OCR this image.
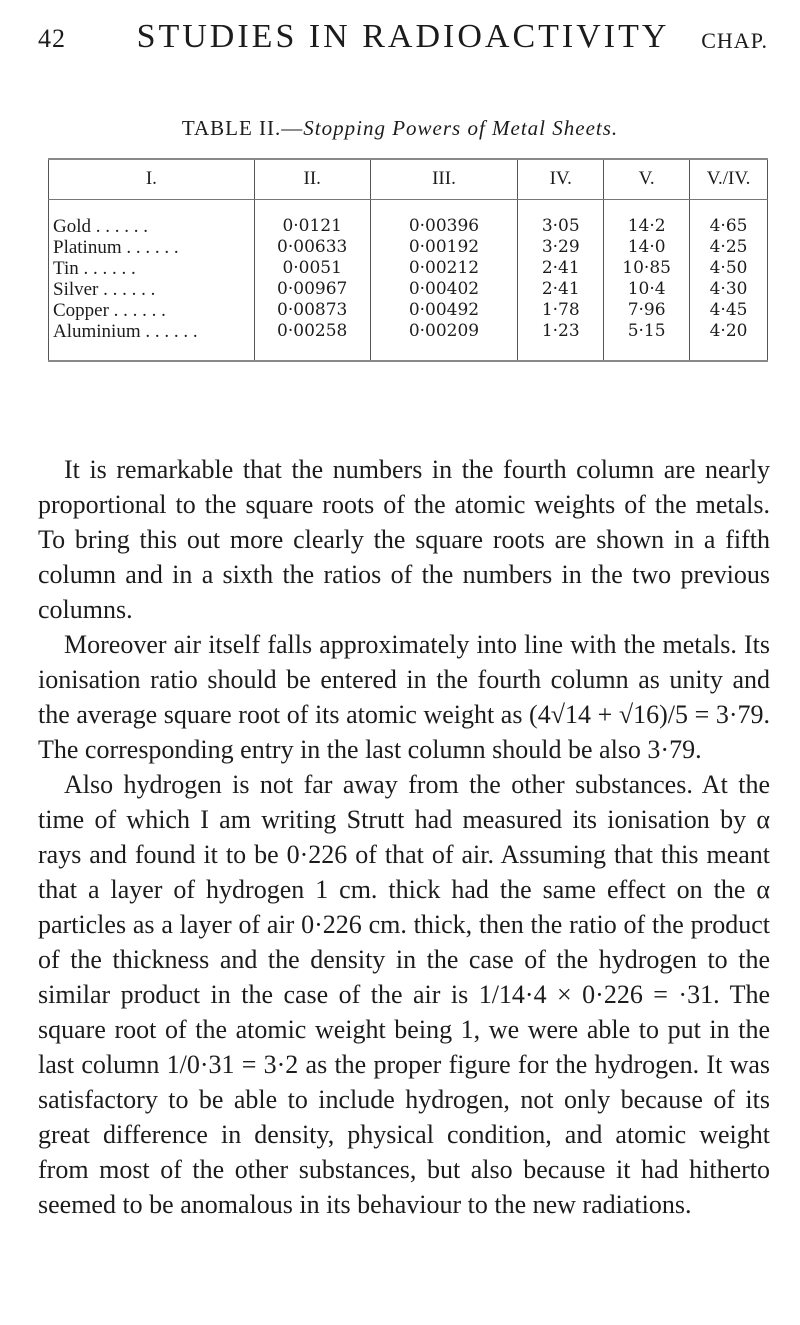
42	STUDIES IN RADIOACTIVITY	CHAP.
TABLE II.—Stopping Powers of Metal Sheets.
I.	II.	III.	IV.	V.	V./IV.
Gold . . . . . .	0·0121	0·00396	3·05	14·2	4·65
Platinum . . . . . .	0·00633	0·00192	3·29	14·0	4·25
Tin . . . . . .	0·0051	0·00212	2·41	10·85	4·50
Silver . . . . . .	0·00967	0·00402	2·41	10·4	4·30
Copper . . . . . .	0·00873	0·00492	1·78	7·96	4·45
Aluminium . . . . . .	0·00258	0·00209	1·23	5·15	4·20

It is remarkable that the numbers in the fourth column are nearly proportional to the square roots of the atomic weights of the metals. To bring this out more clearly the square roots are shown in a fifth column and in a sixth the ratios of the numbers in the two previous columns.

Moreover air itself falls approximately into line with the metals. Its ionisation ratio should be entered in the fourth column as unity and the average square root of its atomic weight as (4√14 + √16)/5 = 3·79. The corresponding entry in the last column should be also 3·79.

Also hydrogen is not far away from the other substances. At the time of which I am writing Strutt had measured its ionisation by α rays and found it to be 0·226 of that of air. Assuming that this meant that a layer of hydrogen 1 cm. thick had the same effect on the α particles as a layer of air 0·226 cm. thick, then the ratio of the product of the thickness and the density in the case of the hydrogen to the similar product in the case of the air is 1/14·4 × 0·226 = ·31. The square root of the atomic weight being 1, we were able to put in the last column 1/0·31 = 3·2 as the proper figure for the hydrogen. It was satisfactory to be able to include hydrogen, not only because of its great difference in density, physical condition, and atomic weight from most of the other substances, but also because it had hitherto seemed to be anomalous in its behaviour to the new radiations.
